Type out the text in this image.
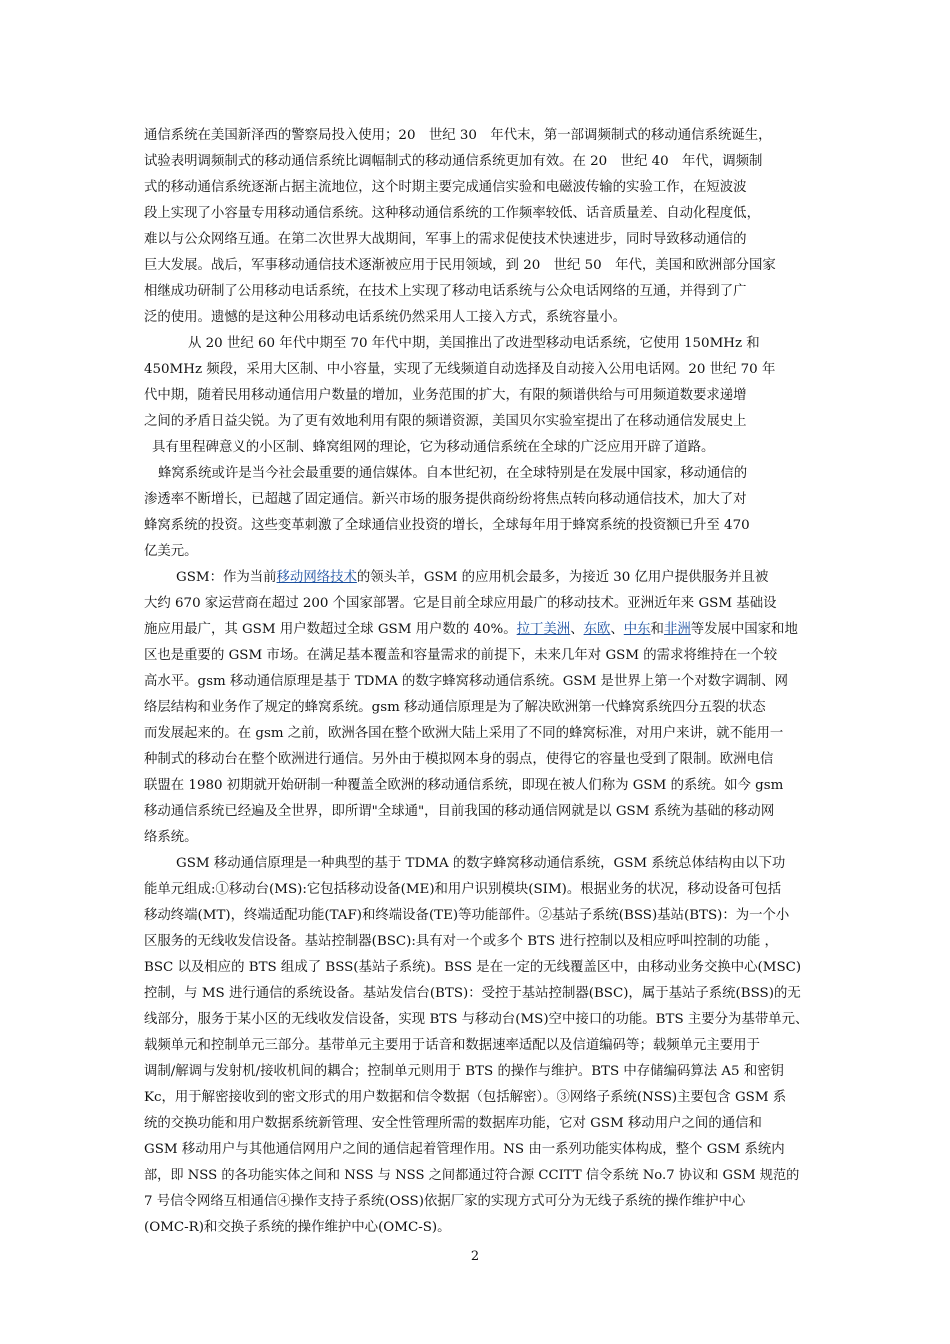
通信系统在美国新泽西的警察局投入使用；20　世纪 30　年代末，第一部调频制式的移动通信系统诞生，
试验表明调频制式的移动通信系统比调幅制式的移动通信系统更加有效。在 20　世纪 40　年代，调频制
式的移动通信系统逐渐占据主流地位，这个时期主要完成通信实验和电磁波传输的实验工作，在短波波
段上实现了小容量专用移动通信系统。这种移动通信系统的工作频率较低、话音质量差、自动化程度低，
难以与公众网络互通。在第二次世界大战期间，军事上的需求促使技术快速进步，同时导致移动通信的
巨大发展。战后，军事移动通信技术逐渐被应用于民用领域，到 20　世纪 50　年代，美国和欧洲部分国家
相继成功研制了公用移动电话系统，在技术上实现了移动电话系统与公众电话网络的互通，并得到了广
泛的使用。遗憾的是这种公用移动电话系统仍然采用人工接入方式，系统容量小。
从 20 世纪 60 年代中期至 70 年代中期，美国推出了改进型移动电话系统，它使用 150MHz 和
450MHz 频段，采用大区制、中小容量，实现了无线频道自动选择及自动接入公用电话网。20 世纪 70 年
代中期，随着民用移动通信用户数量的增加，业务范围的扩大，有限的频谱供给与可用频道数要求递增
之间的矛盾日益尖锐。为了更有效地利用有限的频谱资源，美国贝尔实验室提出了在移动通信发展史上
具有里程碑意义的小区制、蜂窝组网的理论，它为移动通信系统在全球的广泛应用开辟了道路。
蜂窝系统或许是当今社会最重要的通信媒体。自本世纪初，在全球特别是在发展中国家，移动通信的
渗透率不断增长，已超越了固定通信。新兴市场的服务提供商纷纷将焦点转向移动通信技术，加大了对
蜂窝系统的投资。这些变革刺激了全球通信业投资的增长，全球每年用于蜂窝系统的投资额已升至 470
亿美元。
GSM：作为当前移动网络技术的领头羊，GSM 的应用机会最多，为接近 30 亿用户提供服务并且被
大约 670 家运营商在超过 200 个国家部署。它是目前全球应用最广的移动技术。亚洲近年来 GSM 基础设
施应用最广，其 GSM 用户数超过全球 GSM 用户数的 40%。拉丁美洲、东欧、中东和非洲等发展中国家和地
区也是重要的 GSM 市场。在满足基本覆盖和容量需求的前提下，未来几年对 GSM 的需求将维持在一个较
高水平。gsm 移动通信原理是基于 TDMA 的数字蜂窝移动通信系统。GSM 是世界上第一个对数字调制、网
络层结构和业务作了规定的蜂窝系统。gsm 移动通信原理是为了解决欧洲第一代蜂窝系统四分五裂的状态
而发展起来的。在 gsm 之前，欧洲各国在整个欧洲大陆上采用了不同的蜂窝标准，对用户来讲，就不能用一
种制式的移动台在整个欧洲进行通信。另外由于模拟网本身的弱点，使得它的容量也受到了限制。欧洲电信
联盟在 1980 初期就开始研制一种覆盖全欧洲的移动通信系统，即现在被人们称为 GSM 的系统。如今 gsm
移动通信系统已经遍及全世界，即所谓"全球通"，目前我国的移动通信网就是以 GSM 系统为基础的移动网
络系统。
GSM 移动通信原理是一种典型的基于 TDMA 的数字蜂窝移动通信系统，GSM 系统总体结构由以下功
能单元组成:①移动台(MS):它包括移动设备(ME)和用户识别模块(SIM)。根据业务的状况，移动设备可包括
移动终端(MT)，终端适配功能(TAF)和终端设备(TE)等功能部件。②基站子系统(BSS)基站(BTS)：为一个小
区服务的无线收发信设备。基站控制器(BSC):具有对一个或多个 BTS 进行控制以及相应呼叫控制的功能 ，
BSC 以及相应的 BTS 组成了 BSS(基站子系统)。BSS 是在一定的无线覆盖区中，由移动业务交换中心(MSC)
控制，与 MS 进行通信的系统设备。基站发信台(BTS)：受控于基站控制器(BSC)，属于基站子系统(BSS)的无
线部分，服务于某小区的无线收发信设备，实现 BTS 与移动台(MS)空中接口的功能。BTS 主要分为基带单元、
载频单元和控制单元三部分。基带单元主要用于话音和数据速率适配以及信道编码等；载频单元主要用于
调制/解调与发射机/接收机间的耦合；控制单元则用于 BTS 的操作与维护。BTS 中存储编码算法 A5 和密钥
Kc，用于解密接收到的密文形式的用户数据和信令数据（包括解密）。③网络子系统(NSS)主要包含 GSM 系
统的交换功能和用户数据系统新管理、安全性管理所需的数据库功能，它对 GSM 移动用户之间的通信和
GSM 移动用户与其他通信网用户之间的通信起着管理作用。NS 由一系列功能实体构成，整个 GSM 系统内
部，即 NSS 的各功能实体之间和 NSS 与 NSS 之间都通过符合源 CCITT 信令系统 No.7 协议和 GSM 规范的
7 号信令网络互相通信④操作支持子系统(OSS)依据厂家的实现方式可分为无线子系统的操作维护中心
(OMC-R)和交换子系统的操作维护中心(OMC-S)。
2
